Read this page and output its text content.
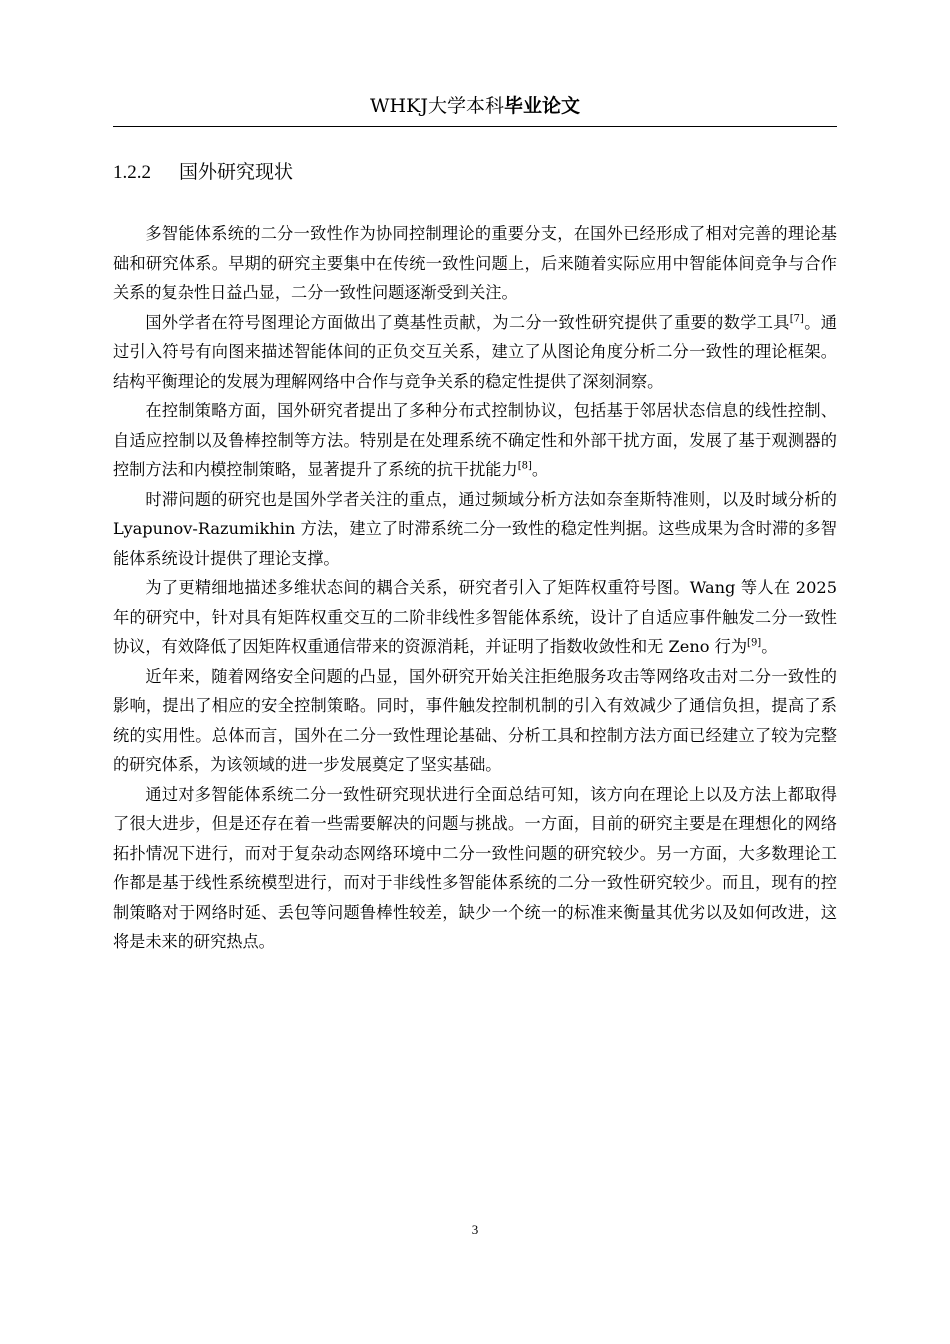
WHKJ大学本科毕业论文
1.2.2 国外研究现状

多智能体系统的二分一致性作为协同控制理论的重要分支，在国外已经形成了相对完善的理论基础和研究体系。早期的研究主要集中在传统一致性问题上，后来随着实际应用中智能体间竞争与合作关系的复杂性日益凸显，二分一致性问题逐渐受到关注。

国外学者在符号图理论方面做出了奠基性贡献，为二分一致性研究提供了重要的数学工具[7]。通过引入符号有向图来描述智能体间的正负交互关系，建立了从图论角度分析二分一致性的理论框架。结构平衡理论的发展为理解网络中合作与竞争关系的稳定性提供了深刻洞察。

在控制策略方面，国外研究者提出了多种分布式控制协议，包括基于邻居状态信息的线性控制、自适应控制以及鲁棒控制等方法。特别是在处理系统不确定性和外部干扰方面，发展了基于观测器的控制方法和内模控制策略，显著提升了系统的抗干扰能力[8]。

时滞问题的研究也是国外学者关注的重点，通过频域分析方法如奈奎斯特准则，以及时域分析的 Lyapunov-Razumikhin 方法，建立了时滞系统二分一致性的稳定性判据。这些成果为含时滞的多智能体系统设计提供了理论支撑。

为了更精细地描述多维状态间的耦合关系，研究者引入了矩阵权重符号图。Wang 等人在 2025 年的研究中，针对具有矩阵权重交互的二阶非线性多智能体系统，设计了自适应事件触发二分一致性协议，有效降低了因矩阵权重通信带来的资源消耗，并证明了指数收敛性和无 Zeno 行为[9]。

近年来，随着网络安全问题的凸显，国外研究开始关注拒绝服务攻击等网络攻击对二分一致性的影响，提出了相应的安全控制策略。同时，事件触发控制机制的引入有效减少了通信负担，提高了系统的实用性。总体而言，国外在二分一致性理论基础、分析工具和控制方法方面已经建立了较为完整的研究体系，为该领域的进一步发展奠定了坚实基础。

通过对多智能体系统二分一致性研究现状进行全面总结可知，该方向在理论上以及方法上都取得了很大进步，但是还存在着一些需要解决的问题与挑战。一方面，目前的研究主要是在理想化的网络拓扑情况下进行，而对于复杂动态网络环境中二分一致性问题的研究较少。另一方面，大多数理论工作都是基于线性系统模型进行，而对于非线性多智能体系统的二分一致性研究较少。而且，现有的控制策略对于网络时延、丢包等问题鲁棒性较差，缺少一个统一的标准来衡量其优劣以及如何改进，这将是未来的研究热点。

3
